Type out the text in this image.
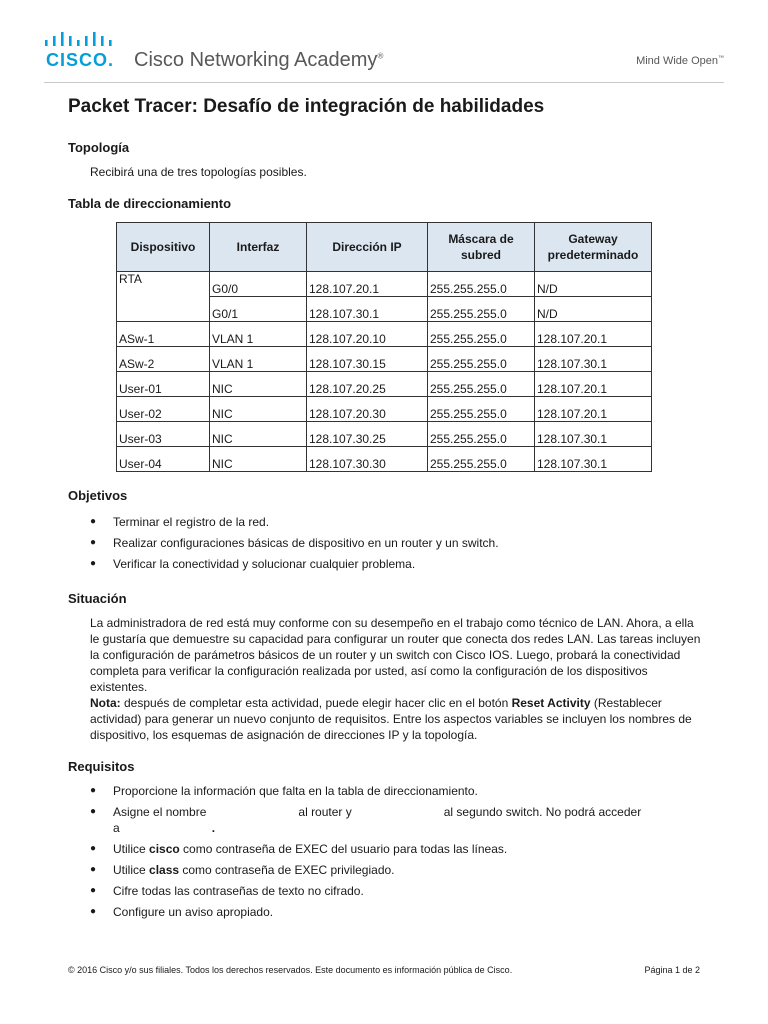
CISCO. Cisco Networking Academy®	Mind Wide Open™
Packet Tracer: Desafío de integración de habilidades
Topología

Recibirá una de tres topologías posibles.

Tabla de direccionamiento
Dispositivo	Interfaz	Dirección IP	Máscara de subred	Gateway predeterminado
RTA	G0/0	128.107.20.1	255.255.255.0	N/D
	G0/1	128.107.30.1	255.255.255.0	N/D
ASw-1	VLAN 1	128.107.20.10	255.255.255.0	128.107.20.1
ASw-2	VLAN 1	128.107.30.15	255.255.255.0	128.107.30.1
User-01	NIC	128.107.20.25	255.255.255.0	128.107.20.1
User-02	NIC	128.107.20.30	255.255.255.0	128.107.20.1
User-03	NIC	128.107.30.25	255.255.255.0	128.107.30.1
User-04	NIC	128.107.30.30	255.255.255.0	128.107.30.1
Objetivos
● Terminar el registro de la red.
● Realizar configuraciones básicas de dispositivo en un router y un switch.
● Verificar la conectividad y solucionar cualquier problema.
Situación

La administradora de red está muy conforme con su desempeño en el trabajo como técnico de LAN. Ahora, a ella le gustaría que demuestre su capacidad para configurar un router que conecta dos redes LAN. Las tareas incluyen la configuración de parámetros básicos de un router y un switch con Cisco IOS. Luego, probará la conectividad completa para verificar la configuración realizada por usted, así como la configuración de los dispositivos existentes.

Nota: después de completar esta actividad, puede elegir hacer clic en el botón Reset Activity (Restablecer actividad) para generar un nuevo conjunto de requisitos. Entre los aspectos variables se incluyen los nombres de dispositivo, los esquemas de asignación de direcciones IP y la topología.

Requisitos
● Proporcione la información que falta en la tabla de direccionamiento.
● Asigne el nombre	al router y	al segundo switch. No podrá acceder
a	.
● Utilice cisco como contraseña de EXEC del usuario para todas las líneas.
● Utilice class como contraseña de EXEC privilegiado.
● Cifre todas las contraseñas de texto no cifrado.
● Configure un aviso apropiado.
© 2016 Cisco y/o sus filiales. Todos los derechos reservados. Este documento es información pública de Cisco.	Página 1 de 2
